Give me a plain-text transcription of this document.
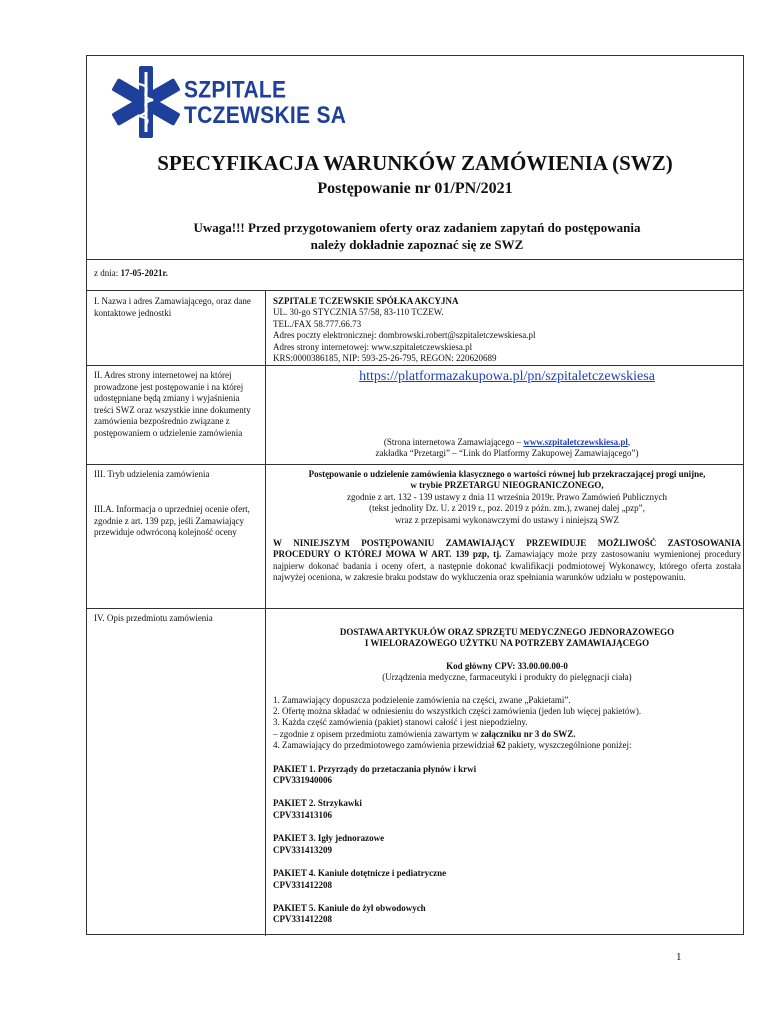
SZPITALE
TCZEWSKIE SA
SPECYFIKACJA WARUNKÓW ZAMÓWIENIA (SWZ)
Postępowanie nr 01/PN/2021
Uwaga!!! Przed przygotowaniem oferty oraz zadaniem zapytań do postępowania
należy dokładnie zapoznać się ze SWZ
z dnia: 17-05-2021r.
I. Nazwa i adres Zamawiającego, oraz dane kontaktowe jednostki

SZPITALE TCZEWSKIE SPÓŁKA AKCYJNA

UL. 30-go STYCZNIA 57/58, 83-110 TCZEW.

TEL./FAX 58.777.66.73

Adres poczty elektronicznej: dombrowski.robert@szpitaletczewskiesa.pl

Adres strony internetowej: www.szpitaletczewskiesa.pl

KRS:0000386185, NIP: 593-25-26-795, REGON: 220620689

II. Adres strony internetowej na której prowadzone jest postępowanie i na której udostępniane będą zmiany i wyjaśnienia treści SWZ oraz wszystkie inne dokumenty zamówienia bezpośrednio związane z postępowaniem o udzielenie zamówienia

https://platformazakupowa.pl/pn/szpitaletczewskiesa

(Strona internetowa Zamawiającego – www.szpitaletczewskiesa.pl,

zakładka “Przetargi” – “Link do Platformy Zakupowej Zamawiającego”)

III. Tryb udzielenia zamówienia
III.A. Informacja o uprzedniej ocenie ofert, zgodnie z art. 139 pzp, jeśli Zamawiający przewiduje odwróconą kolejność oceny

Postępowanie o udzielenie zamówienia klasycznego o wartości równej lub przekraczającej progi unijne,

w trybie PRZETARGU NIEOGRANICZONEGO,

zgodnie z art. 132 - 139 ustawy z dnia 11 września 2019r. Prawo Zamówień Publicznych

(tekst jednolity Dz. U. z 2019 r., poz. 2019 z późn. zm.), zwanej dalej „pzp”,

wraz z przepisami wykonawczymi do ustawy i niniejszą SWZ

W NINIEJSZYM POSTĘPOWANIU ZAMAWIAJĄCY PRZEWIDUJE MOŻLIWOŚĆ ZASTOSOWANIA PROCEDURY O KTÓREJ MOWA W ART. 139 pzp, tj. Zamawiający może przy zastosowaniu wymienionej procedury najpierw dokonać badania i oceny ofert, a następnie dokonać kwalifikacji podmiotowej Wykonawcy, którego oferta została najwyżej oceniona, w zakresie braku podstaw do wykluczenia oraz spełniania warunków udziału w postępowaniu.
IV. Opis przedmiotu zamówienia

DOSTAWA ARTYKUŁÓW ORAZ SPRZĘTU MEDYCZNEGO JEDNORAZOWEGO

I WIELORAZOWEGO UŻYTKU NA POTRZEBY ZAMAWIAJĄCEGO

Kod główny CPV: 33.00.00.00-0

(Urządzenia medyczne, farmaceutyki i produkty do pielęgnacji ciała)

1. Zamawiający dopuszcza podzielenie zamówienia na części, zwane „Pakietami”.

2. Ofertę można składać w odniesieniu do wszystkich części zamówienia (jeden lub więcej pakietów).

3. Każda część zamówienia (pakiet) stanowi całość i jest niepodzielny.

– zgodnie z opisem przedmiotu zamówienia zawartym w załączniku nr 3 do SWZ.

4. Zamawiający do przedmiotowego zamówienia przewidział 62 pakiety, wyszczególnione poniżej:

PAKIET 1. Przyrządy do przetaczania płynów i krwi

CPV331940006

PAKIET 2. Strzykawki

CPV331413106

PAKIET 3. Igły jednorazowe

CPV331413209

PAKIET 4. Kaniule dotętnicze i pediatryczne

CPV331412208

PAKIET 5. Kaniule do żył obwodowych

CPV331412208

1
